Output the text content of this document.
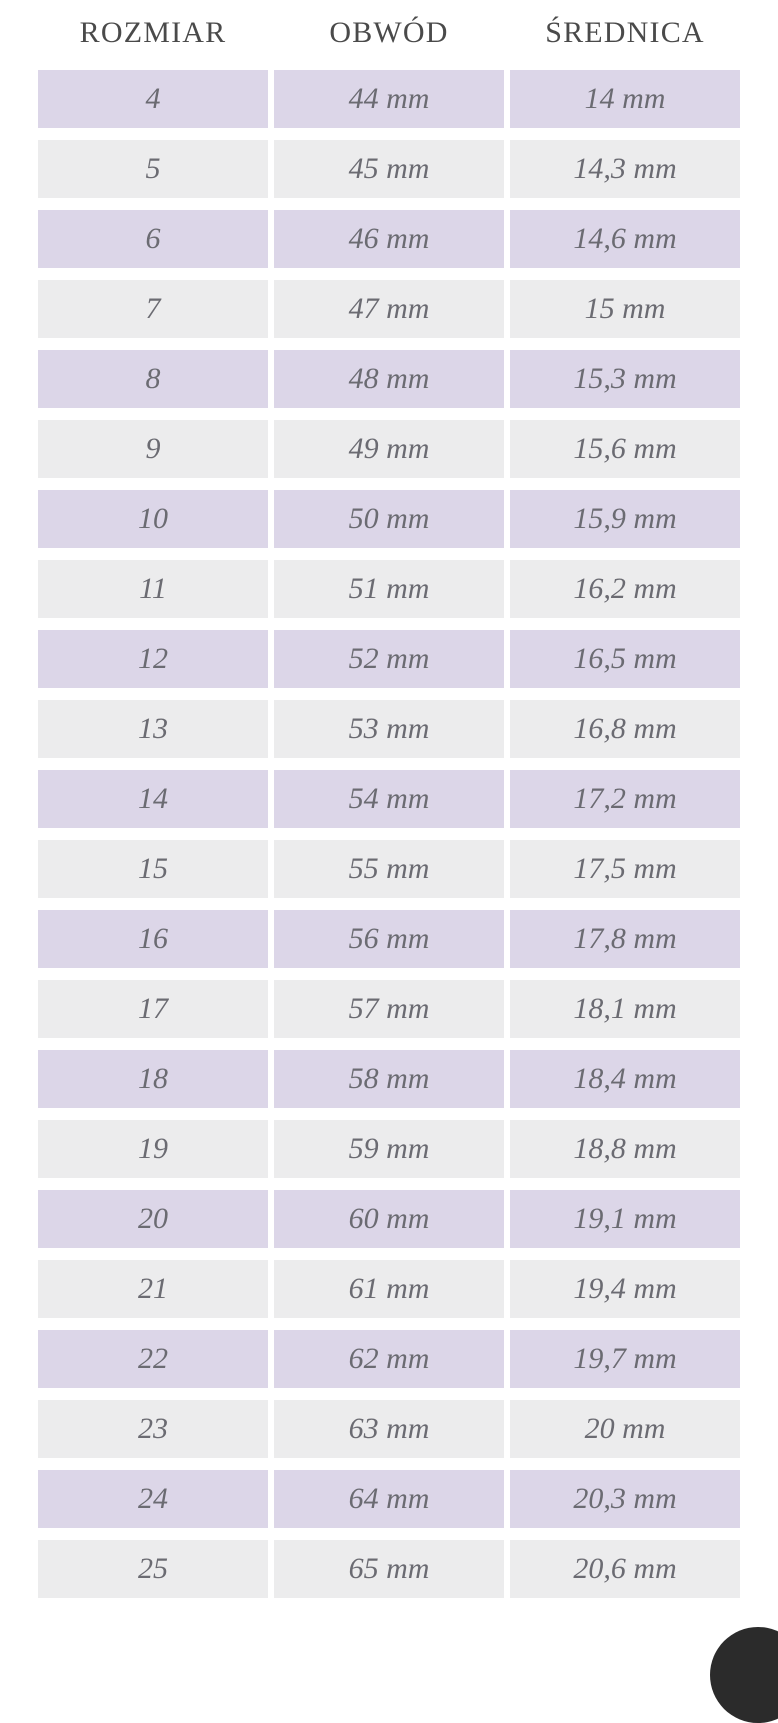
ROZMIAR	OBWÓD	ŚREDNICA
4	44 mm	14 mm
5	45 mm	14,3 mm
6	46 mm	14,6 mm
7	47 mm	15 mm
8	48 mm	15,3 mm
9	49 mm	15,6 mm
10	50 mm	15,9 mm
11	51 mm	16,2 mm
12	52 mm	16,5 mm
13	53 mm	16,8 mm
14	54 mm	17,2 mm
15	55 mm	17,5 mm
16	56 mm	17,8 mm
17	57 mm	18,1 mm
18	58 mm	18,4 mm
19	59 mm	18,8 mm
20	60 mm	19,1 mm
21	61 mm	19,4 mm
22	62 mm	19,7 mm
23	63 mm	20 mm
24	64 mm	20,3 mm
25	65 mm	20,6 mm
